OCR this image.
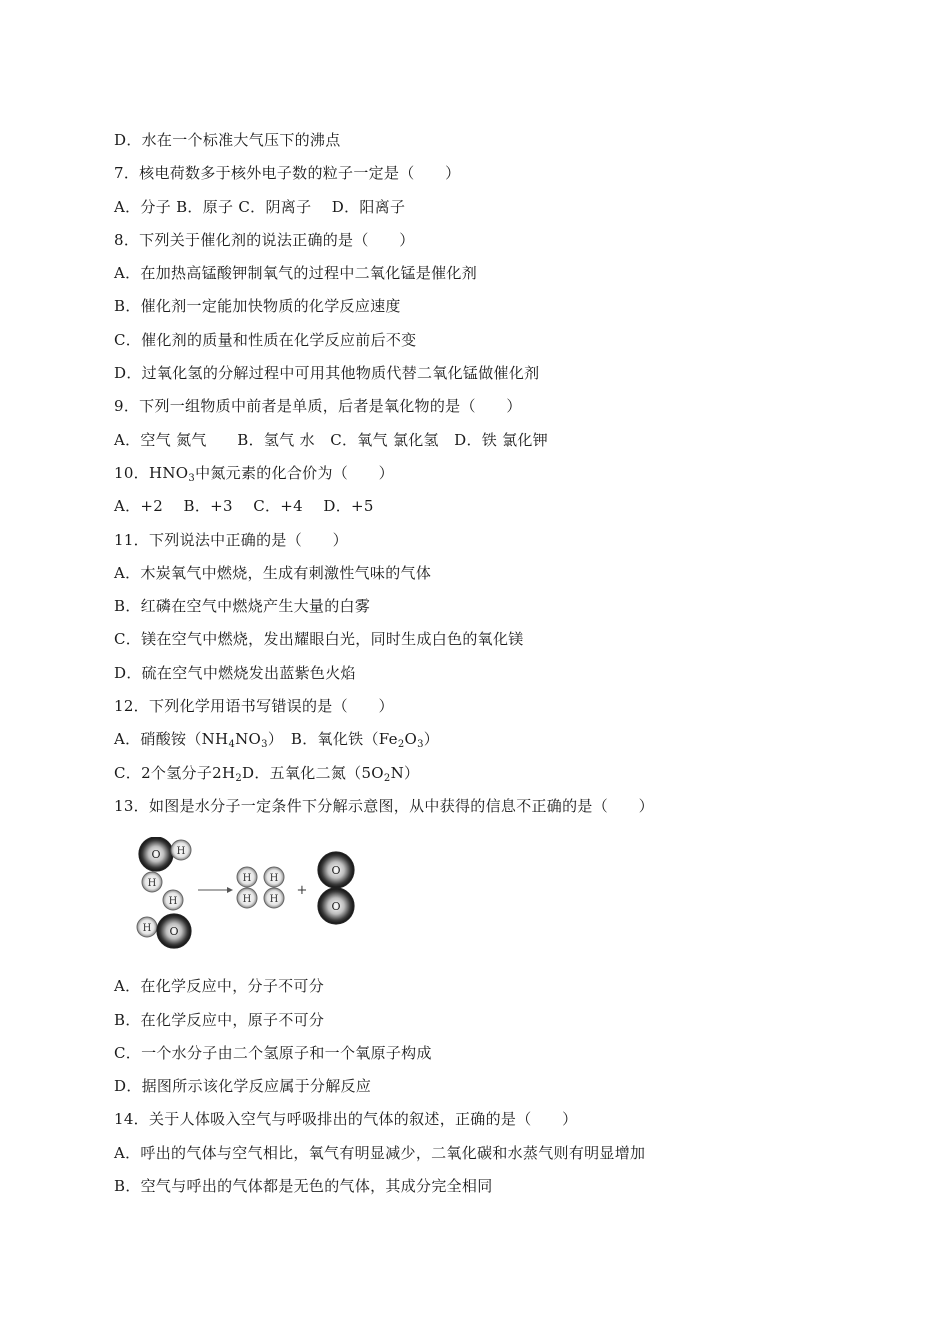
D．水在一个标准大气压下的沸点
7．核电荷数多于核外电子数的粒子一定是（　　）
A．分子 B．原子 C．阴离子　 D．阳离子
8．下列关于催化剂的说法正确的是（　　）
A．在加热高锰酸钾制氧气的过程中二氧化锰是催化剂
B．催化剂一定能加快物质的化学反应速度
C．催化剂的质量和性质在化学反应前后不变
D．过氧化氢的分解过程中可用其他物质代替二氧化锰做催化剂
9．下列一组物质中前者是单质，后者是氧化物的是（　　）
A．空气 氮气　　B．氢气 水　C．氧气 氯化氢　D．铁 氯化钾
10．$HNO_3$中氮元素的化合价为（　　）
A．+2　 B．+3　 C．+4　 D．+5
11．下列说法中正确的是（　　）
A．木炭氧气中燃烧，生成有刺激性气味的气体
B．红磷在空气中燃烧产生大量的白雾
C．镁在空气中燃烧，发出耀眼白光，同时生成白色的氧化镁
D．硫在空气中燃烧发出蓝紫色火焰
12．下列化学用语书写错误的是（　　）
A．硝酸铵$(NH_4NO_3)$　B．氧化铁$(Fe_2O_3)$
C．2个氢分子$2H_2D$．五氧化二氮$(5O_2N)$
13．如图是水分子一定条件下分解示意图，从中获得的信息不正确的是（　　）
O H
H
H
H O
H
H
H
H
+
O
O
A．在化学反应中，分子不可分
B．在化学反应中，原子不可分
C．一个水分子由二个氢原子和一个氧原子构成
D．据图所示该化学反应属于分解反应
14．关于人体吸入空气与呼吸排出的气体的叙述，正确的是（　　）
A．呼出的气体与空气相比，氧气有明显减少，二氧化碳和水蒸气则有明显增加
B．空气与呼出的气体都是无色的气体，其成分完全相同
